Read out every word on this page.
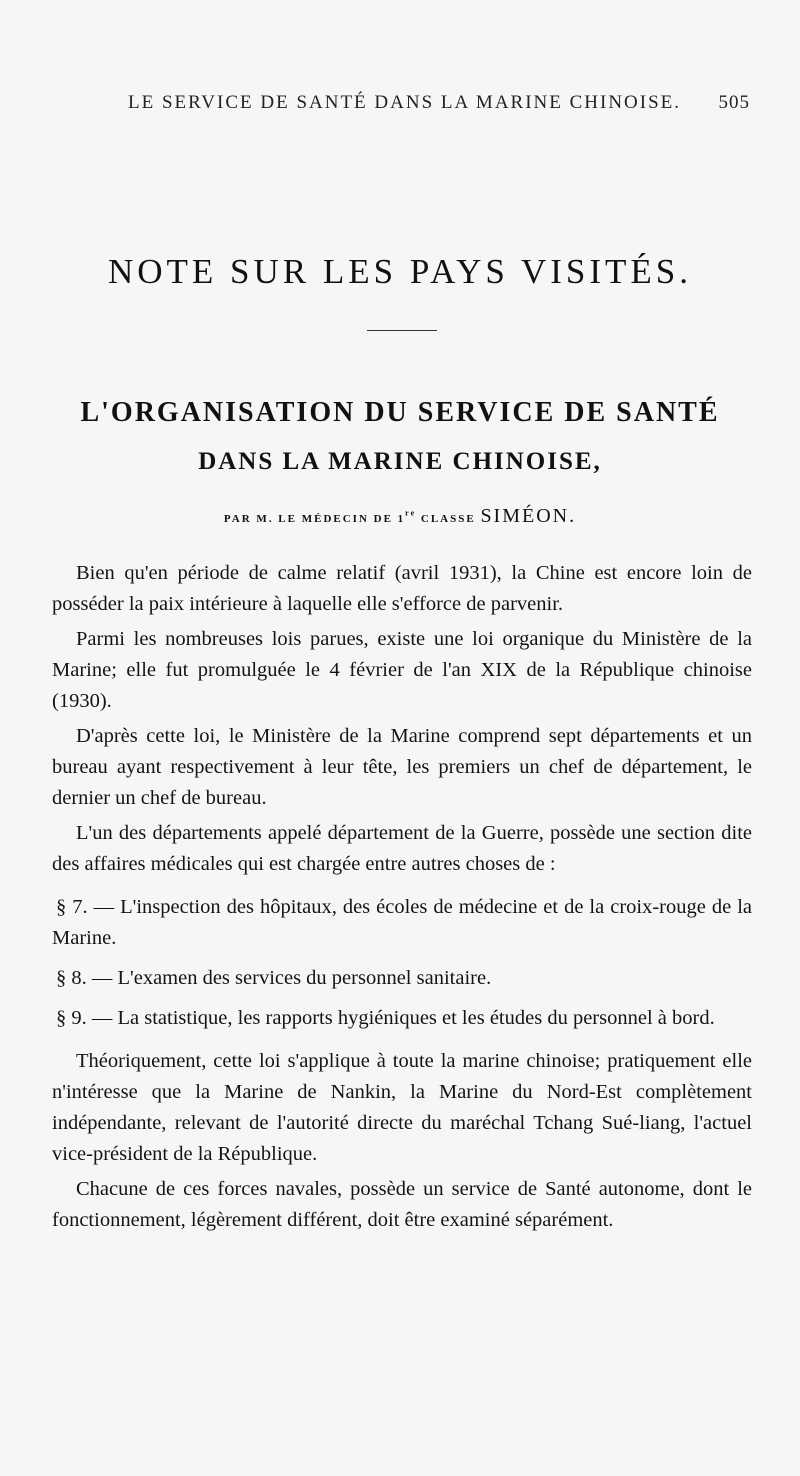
LE SERVICE DE SANTÉ DANS LA MARINE CHINOISE. 505
NOTE SUR LES PAYS VISITÉS.
L'ORGANISATION DU SERVICE DE SANTÉ
DANS LA MARINE CHINOISE,
PAR M. LE MÉDECIN DE 1re CLASSE SIMÉON.

Bien qu'en période de calme relatif (avril 1931), la Chine est encore loin de posséder la paix intérieure à laquelle elle s'efforce de parvenir.

Parmi les nombreuses lois parues, existe une loi organique du Ministère de la Marine; elle fut promulguée le 4 février de l'an XIX de la République chinoise (1930).

D'après cette loi, le Ministère de la Marine comprend sept départements et un bureau ayant respectivement à leur tête, les premiers un chef de département, le dernier un chef de bureau.

L'un des départements appelé département de la Guerre, possède une section dite des affaires médicales qui est chargée entre autres choses de :

§ 7. — L'inspection des hôpitaux, des écoles de médecine et de la croix-rouge de la Marine.

§ 8. — L'examen des services du personnel sanitaire.

§ 9. — La statistique, les rapports hygiéniques et les études du personnel à bord.

Théoriquement, cette loi s'applique à toute la marine chinoise; pratiquement elle n'intéresse que la Marine de Nankin, la Marine du Nord-Est complètement indépendante, relevant de l'autorité directe du maréchal Tchang Sué-liang, l'actuel vice-président de la République.

Chacune de ces forces navales, possède un service de Santé autonome, dont le fonctionnement, légèrement différent, doit être examiné séparément.
